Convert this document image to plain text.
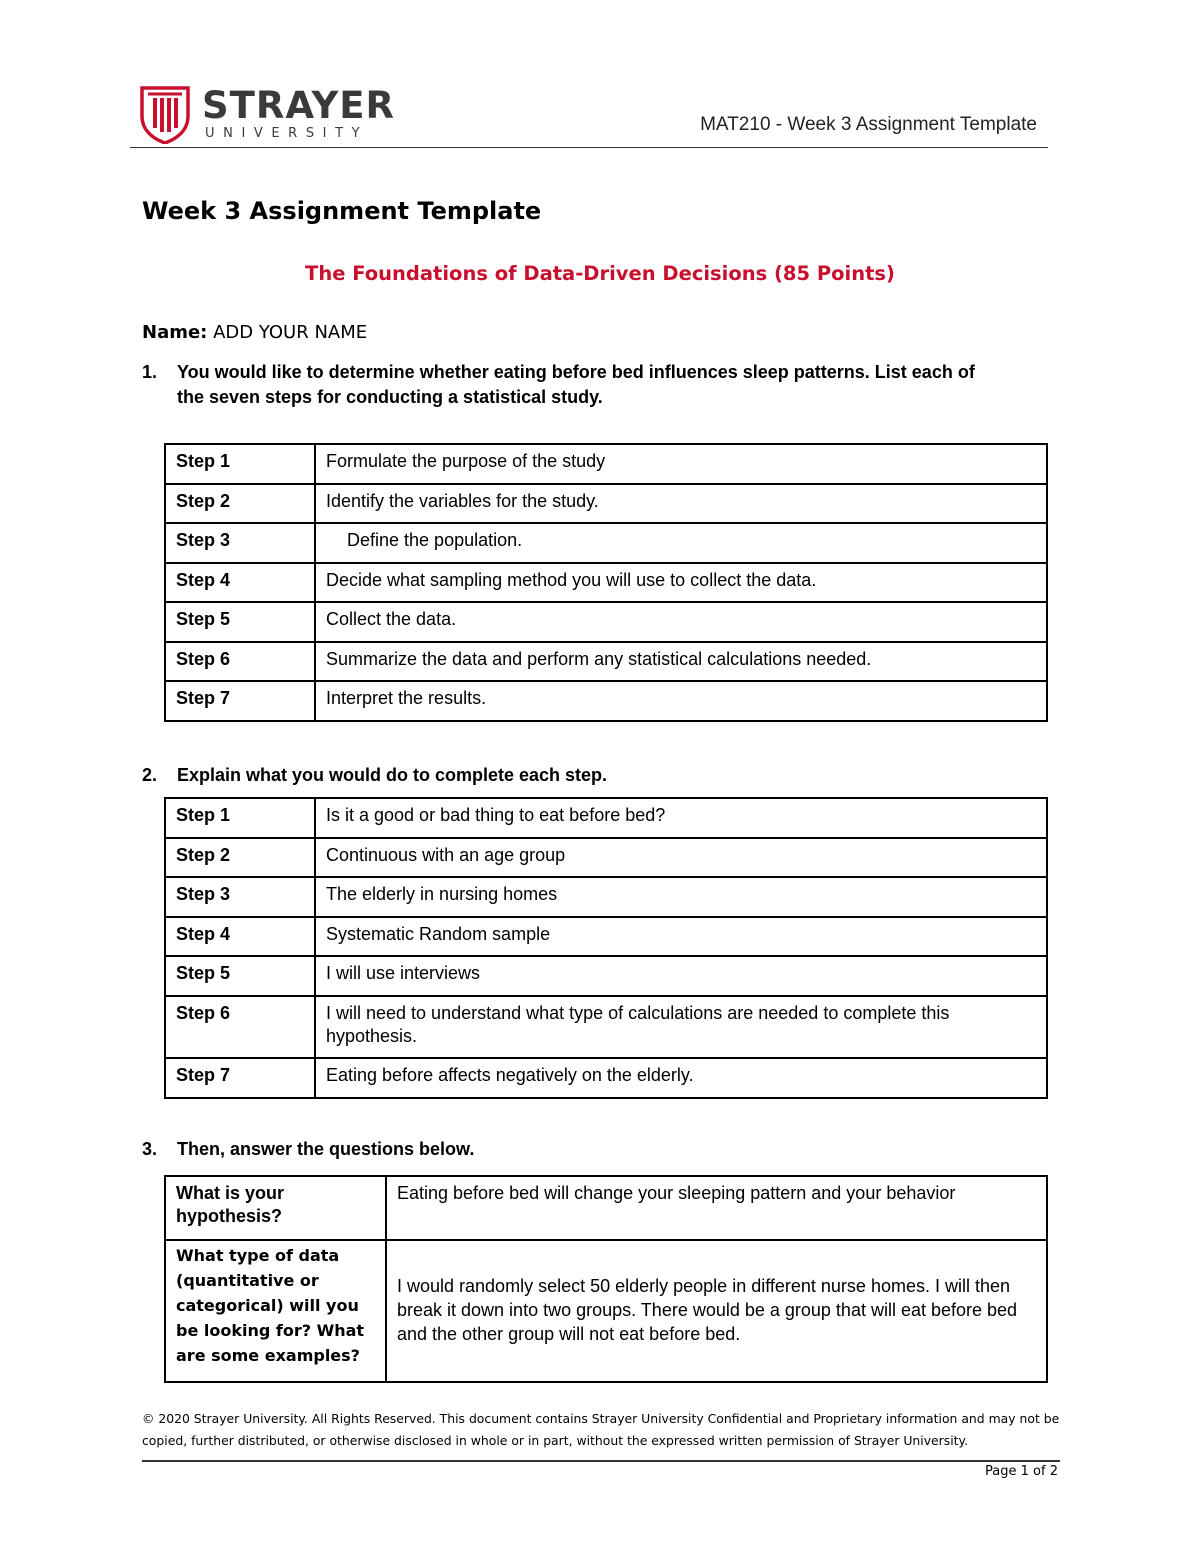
STRAYER
UNIVERSITY	MAT210 - Week 3 Assignment Template
Week 3 Assignment Template
The Foundations of Data-Driven Decisions (85 Points)
Name: ADD YOUR NAME
1. You would like to determine whether eating before bed influences sleep patterns. List each of
the seven steps for conducting a statistical study.
Step 1	Formulate the purpose of the study
Step 2	Identify the variables for the study.
Step 3	Define the population.
Step 4	Decide what sampling method you will use to collect the data.
Step 5	Collect the data.
Step 6	Summarize the data and perform any statistical calculations needed.
Step 7	Interpret the results.
2. Explain what you would do to complete each step.
Step 1	Is it a good or bad thing to eat before bed?
Step 2	Continuous with an age group
Step 3	The elderly in nursing homes
Step 4	Systematic Random sample
Step 5	I will use interviews
Step 6	I will need to understand what type of calculations are needed to complete this hypothesis.
Step 7	Eating before affects negatively on the elderly.
3. Then, answer the questions below.
What is your hypothesis?	Eating before bed will change your sleeping pattern and your behavior
What type of data (quantitative or categorical) will you be looking for? What are some examples?	I would randomly select 50 elderly people in different nurse homes. I will then break it down into two groups. There would be a group that will eat before bed and the other group will not eat before bed.
© 2020 Strayer University. All Rights Reserved. This document contains Strayer University Confidential and Proprietary information and may not be copied, further distributed, or otherwise disclosed in whole or in part, without the expressed written permission of Strayer University.
Page 1 of 2
